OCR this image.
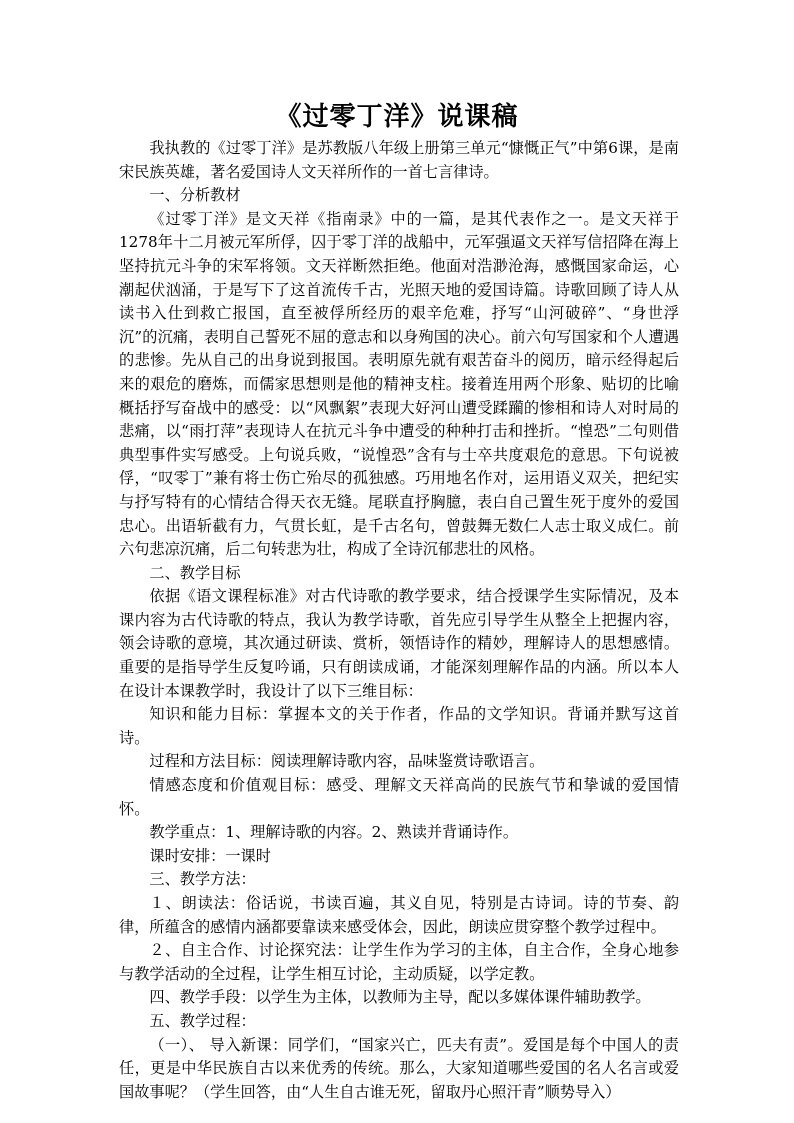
《过零丁洋》说课稿

我执教的《过零丁洋》是苏教版八年级上册第三单元“慷慨正气”中第6课，是南宋民族英雄，著名爱国诗人文天祥所作的一首七言律诗。

一、分析教材

《过零丁洋》是文天祥《指南录》中的一篇，是其代表作之一。是文天祥于1278年十二月被元军所俘，囚于零丁洋的战船中，元军强逼文天祥写信招降在海上坚持抗元斗争的宋军将领。文天祥断然拒绝。他面对浩渺沧海，感慨国家命运，心潮起伏汹涌，于是写下了这首流传千古，光照天地的爱国诗篇。诗歌回顾了诗人从读书入仕到救亡报国，直至被俘所经历的艰辛危难，抒写“山河破碎”、“身世浮沉”的沉痛，表明自己誓死不屈的意志和以身殉国的决心。前六句写国家和个人遭遇的悲惨。先从自己的出身说到报国。表明原先就有艰苦奋斗的阅历，暗示经得起后来的艰危的磨炼，而儒家思想则是他的精神支柱。接着连用两个形象、贴切的比喻概括抒写奋战中的感受：以“风飘絮”表现大好河山遭受蹂躏的惨相和诗人对时局的悲痛，以“雨打萍”表现诗人在抗元斗争中遭受的种种打击和挫折。“惶恐”二句则借典型事件实写感受。上句说兵败，“说惶恐”含有与士卒共度艰危的意思。下句说被俘，“叹零丁”兼有将士伤亡殆尽的孤独感。巧用地名作对，运用语义双关，把纪实与抒写特有的心情结合得天衣无缝。尾联直抒胸臆，表白自己置生死于度外的爱国忠心。出语斩截有力，气贯长虹，是千古名句，曾鼓舞无数仁人志士取义成仁。前六句悲凉沉痛，后二句转悲为壮，构成了全诗沉郁悲壮的风格。

二、教学目标

依据《语文课程标准》对古代诗歌的教学要求，结合授课学生实际情况，及本课内容为古代诗歌的特点，我认为教学诗歌，首先应引导学生从整全上把握内容，领会诗歌的意境，其次通过研读、赏析，领悟诗作的精妙，理解诗人的思想感情。重要的是指导学生反复吟诵，只有朗读成诵，才能深刻理解作品的内涵。所以本人在设计本课教学时，我设计了以下三维目标：

知识和能力目标：掌握本文的关于作者，作品的文学知识。背诵并默写这首诗。

过程和方法目标：阅读理解诗歌内容，品味鉴赏诗歌语言。

情感态度和价值观目标：感受、理解文天祥高尚的民族气节和挚诚的爱国情怀。

教学重点：1、理解诗歌的内容。2、熟读并背诵诗作。

课时安排：一课时

三、教学方法：

１、朗读法：俗话说，书读百遍，其义自见，特别是古诗词。诗的节奏、韵律，所蕴含的感情内涵都要靠读来感受体会，因此，朗读应贯穿整个教学过程中。

２、自主合作、讨论探究法：让学生作为学习的主体，自主合作，全身心地参与教学活动的全过程，让学生相互讨论，主动质疑，以学定教。

四、教学手段：以学生为主体，以教师为主导，配以多媒体课件辅助教学。

五、教学过程：

（一）、 导入新课：同学们，“国家兴亡，匹夫有责”。爱国是每个中国人的责任，更是中华民族自古以来优秀的传统。那么，大家知道哪些爱国的名人名言或爱国故事呢？（学生回答，由“人生自古谁无死，留取丹心照汗青”顺势导入）
